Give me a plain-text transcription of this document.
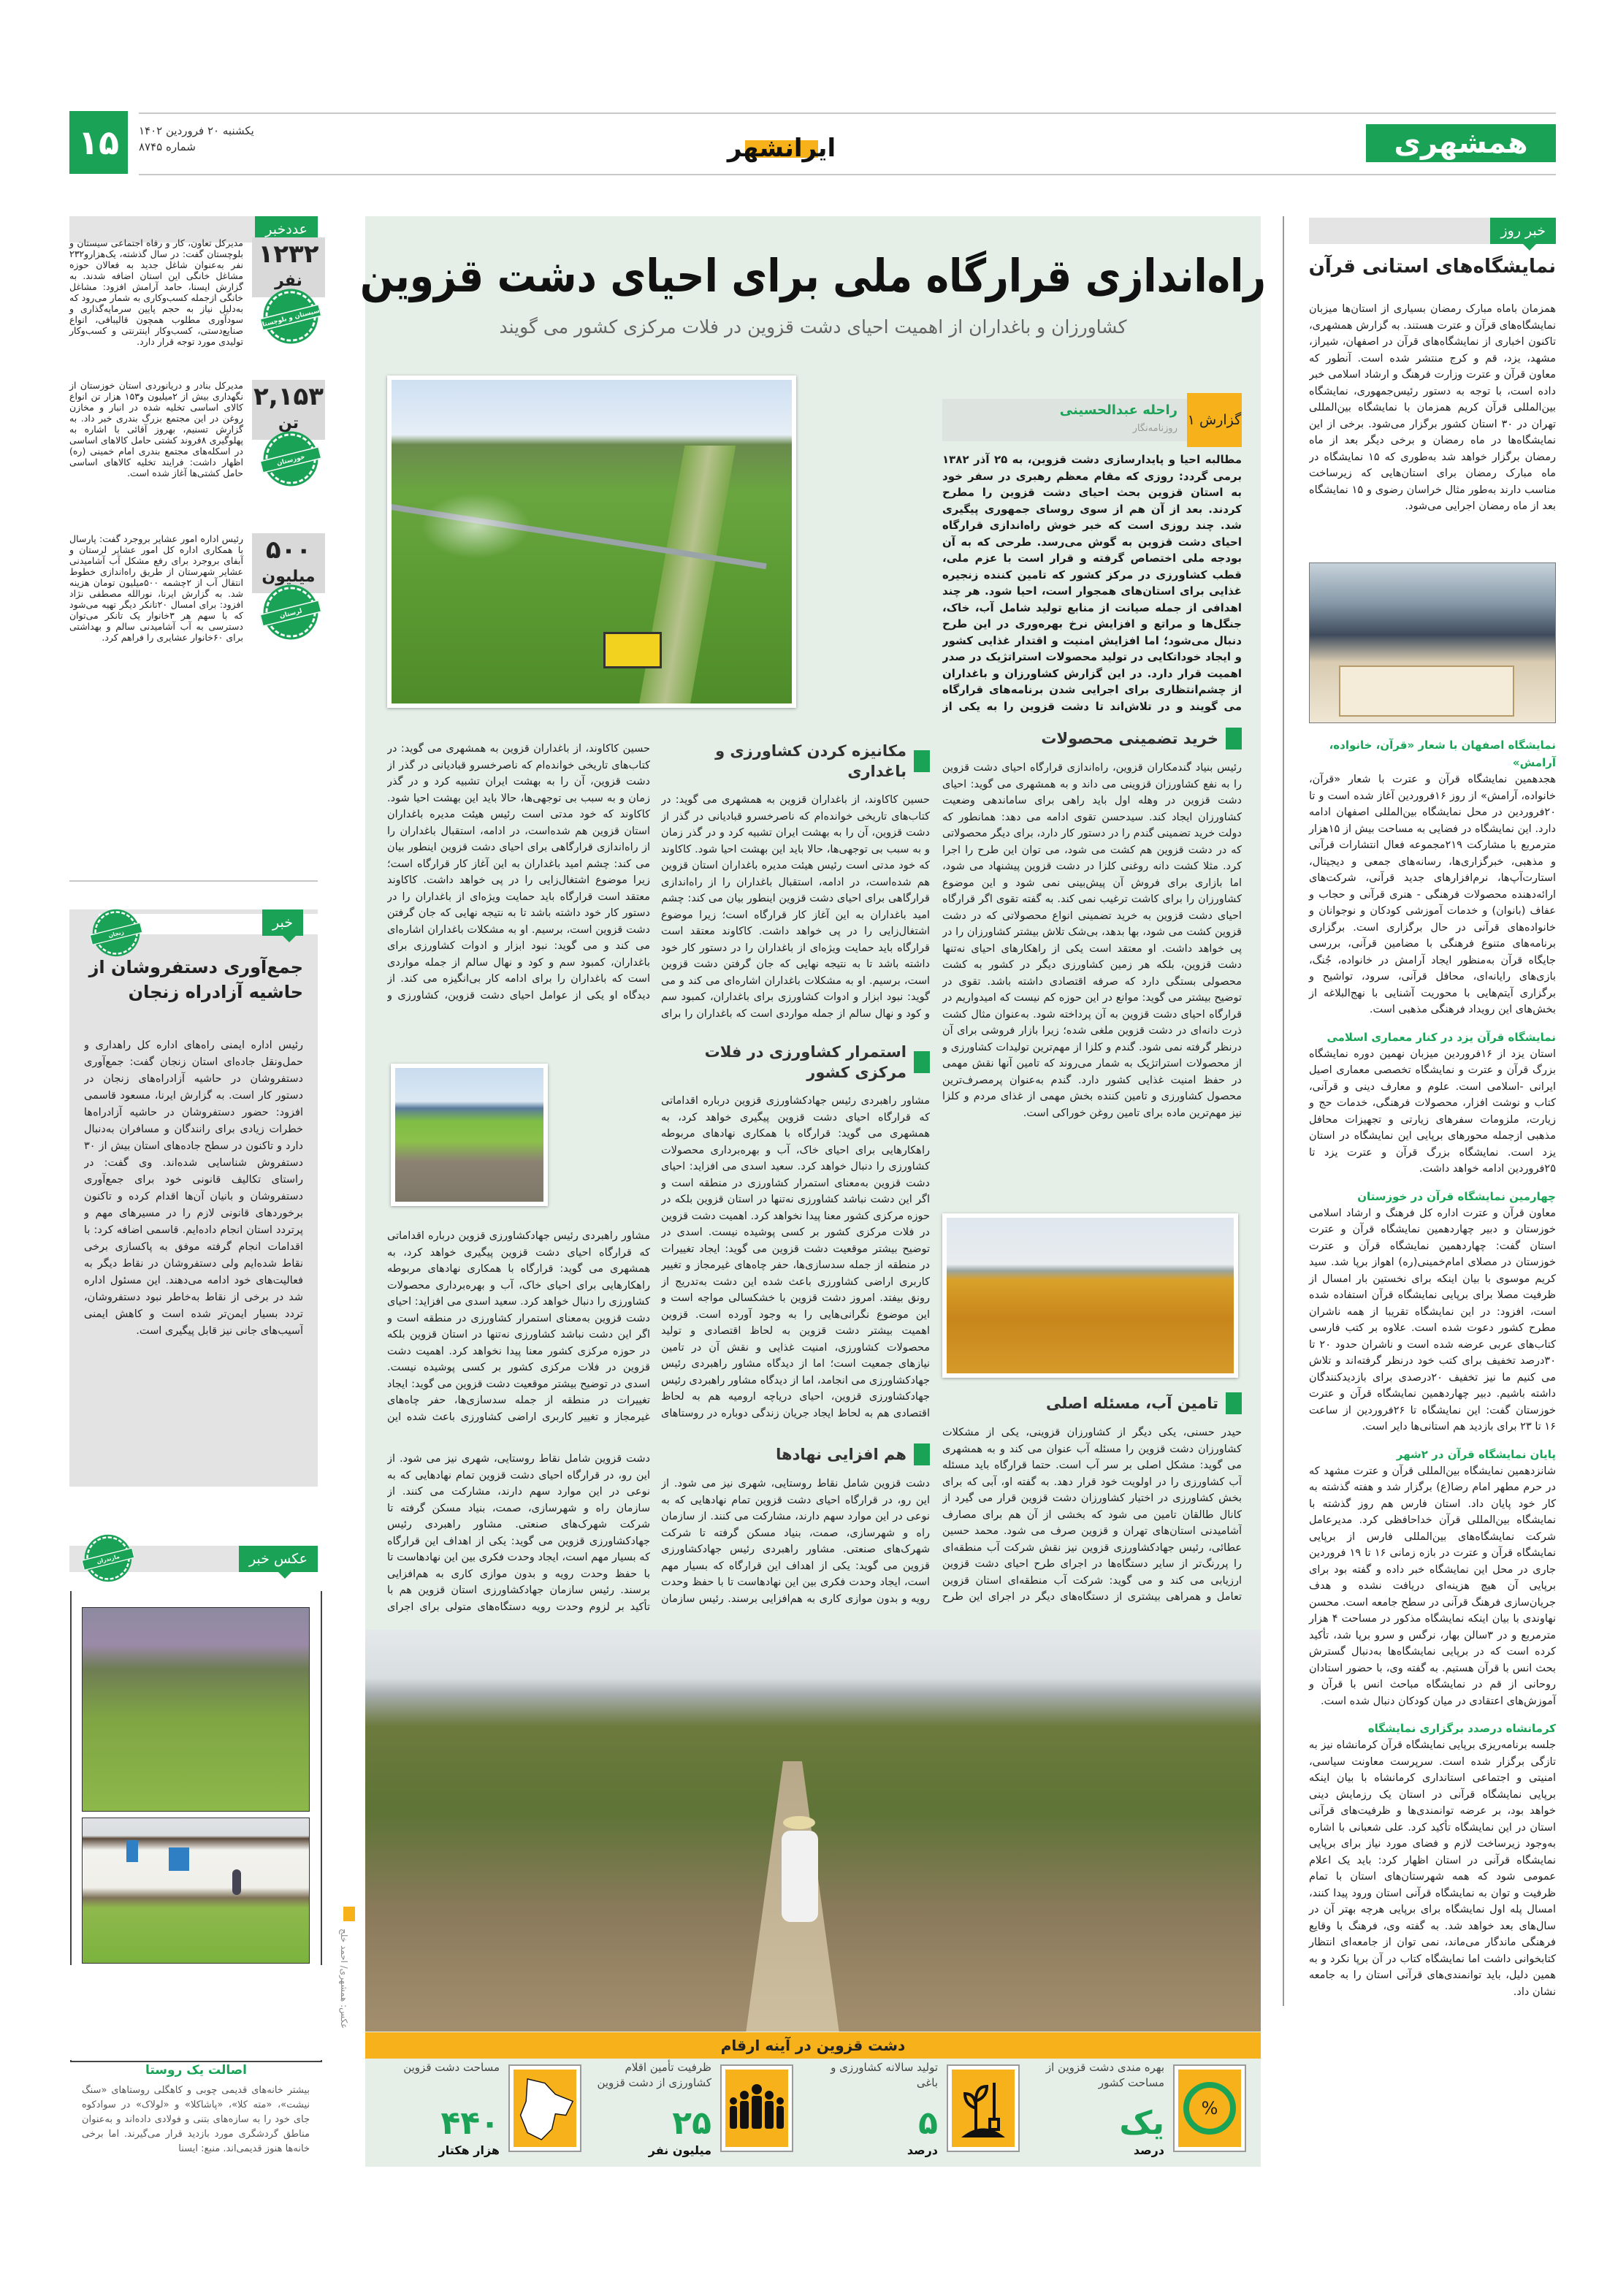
۱۵	یکشنبه ۲۰ فروردین ۱۴۰۲
شماره ۸۷۴۵	ایرانشهر	همشهری
عددخبر
۱۲۳۲
نفر
سیستان و بلوچستان
مدیرکل تعاون، کار و رفاه اجتماعی سیستان و بلوچستان گفت: در سال گذشته، یک‌هزارو۲۳۲ نفر به‌عنوان شاغل جدید به فعالان حوزه مشاغل خانگی این استان اضافه شدند. به گزارش ایسنا، حامد آرامش افزود: مشاغل خانگی ازجمله کسب‌وکاری به شمار می‌رود که به‌دلیل نیاز به حجم پایین سرمایه‌گذاری و سودآوری مطلوب همچون قالیبافی، انواع صنایع‌دستی، کسب‌وکار اینترنتی و کسب‌وکار تولیدی مورد توجه قرار دارد.
۲,۱۵۳
تن
خوزستان
مدیرکل بنادر و دریانوردی استان خوزستان از نگهداری بیش از ۲میلیون و۱۵۳ هزار تن انواع کالای اساسی تخلیه شده در انبار و مخازن روغن در این مجتمع بزرگ بندری خبر داد. به گزارش تسنیم، بهروز آقائی با اشاره به پهلوگیری ۸فروند کشتی حامل کالاهای اساسی در اسکله‌های مجتمع بندری امام خمینی (ره) اظهار داشت: فرایند تخلیه کالاهای اساسی حامل کشتی‌ها آغاز شده است.
۵۰۰
میلیون
لرستان
رئیس اداره امور عشایر بروجرد گفت: پارسال با همکاری اداره کل امور عشایر لرستان و آبفای بروجرد برای رفع مشکل آب آشامیدنی عشایر شهرستان از طریق راه‌اندازی خطوط انتقال آب از ۲چشمه ۵۰۰میلیون تومان هزینه شد. به گزارش ایرنا، نورالله مصطفی نژاد افزود: برای امسال ۲۰تانکر دیگر تهیه می‌شود که با سهم هر ۳خانوار یک تانکر می‌توان دسترسی به آب آشامیدنی سالم و بهداشتی برای ۶۰خانوار عشایری را فراهم کرد.
خبر
زنجان
جمع‌آوری دستفروشان از حاشیه آزادراه زنجان
رئیس اداره ایمنی راه‌های اداره کل راهداری و حمل‌ونقل جاده‌ای استان زنجان گفت: جمع‌آوری دستفروشان در حاشیه آزادراه‌های زنجان در دستور کار است. به گزارش ایرنا، مسعود قاسمی افزود: حضور دستفروشان در حاشیه آزادراه‌ها خطرات زیادی برای رانندگان و مسافران به‌دنبال دارد و تاکنون در سطح جاده‌های استان بیش از ۳۰ دستفروش شناسایی شده‌اند. وی گفت: در راستای تکالیف قانونی خود برای جمع‌آوری دستفروشان و بانیان آن‌ها اقدام کرده و تاکنون برخوردهای قانونی لازم را در مسیرهای مهم و پرتردد استان انجام داده‌ایم. قاسمی اضافه کرد: با اقدامات انجام گرفته موفق به پاکسازی برخی نقاط شده‌ایم ولی دستفروشان در نقاط دیگر به فعالیت‌های خود ادامه می‌دهند. این مسئول اداره شد در برخی از نقاط به‌خاطر نبود دستفروشان، تردد بسیار ایمن‌تر شده است و کاهش ایمنی آسیب‌های جانی نیز قابل پیگیری است.
عکس خبر
مازندران
اصالت یک روستا
بیشتر خانه‌های قدیمی چوبی و کاهگلی روستاهای «سنگ نیشت»، «مته کلا»، «پاشاکلا» و «لولاک» در سوادکوه جای خود را به سازه‌های بتنی و فولادی داده‌اند و به‌عنوان مناطق گردشگری مورد بازدید قرار می‌گیرند. اما برخی خانه‌ها هنوز قدیمی‌اند. منبع: ایسنا
عکس: همشهری/ احمد خلج
راه‌اندازی قرارگاه ملی برای احیای دشت قزوین
کشاورزان و باغداران از اهمیت احیای دشت قزوین در فلات مرکزی کشور می گویند
گزارش ۱
راحله عبدالحسینی
روزنامه‌نگار
مطالبه احیا و پایدارسازی دشت قزوین، به ۲۵ آذر ۱۳۸۲ برمی گردد: روزی که مقام معظم رهبری در سفر خود به استان قزوین بحث احیای دشت قزوین را مطرح کردند. بعد از آن هم از سوی روسای جمهوری پیگیری شد. چند روزی است که خبر خوش راه‌اندازی قرارگاه احیای دشت قزوین به گوش می‌رسد. طرحی که به آن بودجه ملی اختصاص گرفته و قرار است با عزم ملی، قطب کشاورزی در مرکز کشور که تامین کننده زنجیره غذایی برای استان‌های همجوار است، احیا شود. هر چند اهدافی از جمله صیانت از منابع تولید شامل آب، خاک، جنگل‌ها و مراتع و افزایش نرخ بهره‌وری در این طرح دنبال می‌شود؛ اما افزایش امنیت و اقتدار غذایی کشور و ایجاد خوداتکایی در تولید محصولات استراتژیک در صدر اهمیت قرار دارد. در این گزارش کشاورزان و باغداران از چشم‌انتظاری برای اجرایی شدن برنامه‌های قرارگاه می گویند و در تلاش‌اند تا دشت قزوین را به یکی از
خرید تضمینی محصولات
رئیس بنیاد گندمکاران قزوین، راه‌اندازی قرارگاه احیای دشت قزوین را به نفع کشاورزان قزوینی می داند و به همشهری می گوید: احیای دشت قزوین در وهله اول باید راهی برای ساماندهی وضعیت کشاورزان ایجاد کند. سیدحسن تقوی ادامه می دهد: همانطور که دولت خرید تضمینی گندم را در دستور کار دارد، برای دیگر محصولاتی که در دشت قزوین هم کشت می شود، می توان این طرح را اجرا کرد. مثلا کشت دانه روغنی کلزا در دشت قزوین پیشنهاد می شود، اما بازاری برای فروش آن پیش‌بینی نمی شود و این موضوع کشاورزان را برای کاشت ترغیب نمی کند. به گفته تقوی اگر قرارگاه احیای دشت قزوین به خرید تضمینی انواع محصولاتی که در دشت قزوین کشت می شود، بها بدهد، بی‌شک تلاش بیشتر کشاورزان را در پی خواهد داشت. او معتقد است یکی از راهکارهای احیای نه‌تنها دشت قزوین، بلکه هر زمین کشاورزی دیگر در کشور به کشت محصولی بستگی دارد که صرفه اقتصادی داشته باشد. تقوی در توضیح بیشتر می گوید: موانع در این حوزه کم نیست که امیدواریم در قرارگاه احیای دشت قزوین به آن پرداخته شود. به‌عنوان مثال کشت ذرت دانه‌ای در دشت قزوین ملغی شده؛ زیرا بازار فروشی برای آن درنظر گرفته نمی شود. گندم و کلزا از مهم‌ترین تولیدات کشاورزی و از محصولات استراتژیک به شمار می‌روند که تامین آنها نقش مهمی در حفظ امنیت غذایی کشور دارد. گندم به‌عنوان پرمصرف‌ترین محصول کشاورزی و تامین کننده بخش مهمی از غذای مردم و کلزا نیز مهم‌ترین ماده برای تامین روغن خوراکی است.
تامین آب، مسئله اصلی
حیدر حسنی، یکی دیگر از کشاورزان قزوینی، یکی از مشکلات کشاورزان دشت قزوین را مسئله آب عنوان می کند و به همشهری می گوید: مشکل اصلی بر سر آب است. حتما قرارگاه باید مسئله آب کشاورزی را در اولویت خود قرار دهد. به گفته او، آبی که برای بخش کشاورزی در اختیار کشاورزان دشت قزوین قرار می گیرد از کانال طالقان تامین می شود که بخشی از آن هم برای مصارف آشامیدنی استان‌های تهران و قزوین صرف می شود. محمد حسین عطائی، رئیس جهادکشاورزی قزوین نیز نقش شرکت آب منطقه‌ای را پررنگ‌تر از سایر دستگاه‌ها در اجرای طرح احیای دشت قزوین ارزیابی می کند و می گوید: شرکت آب منطقه‌ای استان قزوین تعامل و همراهی بیشتری از دستگاه‌های دیگر در اجرای این طرح
مکانیزه کردن کشاورزی و باغداری
حسین کاکاوند، از باغداران قزوین به همشهری می گوید: در کتاب‌های تاریخی خوانده‌ام که ناصرخسرو قبادیانی در گذر از دشت قزوین، آن را به بهشت ایران تشبیه کرد و در گذر زمان و به سبب بی توجهی‌ها، حالا باید این بهشت احیا شود. کاکاوند که خود مدتی است رئیس هیئت مدیره باغداران استان قزوین هم شده‌است، در ادامه، استقبال باغداران را از راه‌اندازی قرارگاهی برای احیای دشت قزوین اینطور بیان می کند: چشم امید باغداران به این آغاز کار قرارگاه است؛ زیرا موضوع اشتغال‌زایی را در پی خواهد داشت. کاکاوند معتقد است قرارگاه باید حمایت ویژه‌ای از باغداران را در دستور کار خود داشته باشد تا به نتیجه نهایی که جان گرفتن دشت قزوین است، برسیم. او به مشکلات باغداران اشاره‌ای می کند و می گوید: نبود ابزار و ادوات کشاورزی برای باغداران، کمبود سم و کود و نهال سالم از جمله مواردی است که باغداران را برای
استمرار کشاورزی در فلات مرکزی کشور
مشاور راهبردی رئیس جهادکشاورزی قزوین درباره اقداماتی که قرارگاه احیای دشت قزوین پیگیری خواهد کرد، به همشهری می گوید: قرارگاه با همکاری نهادهای مربوطه راهکارهایی برای احیای خاک، آب و بهره‌برداری محصولات کشاورزی را دنبال خواهد کرد. سعید اسدی می افزاید: احیای دشت قزوین به‌معنای استمرار کشاورزی در منطقه است و اگر این دشت نباشد کشاورزی نه‌تنها در استان قزوین بلکه در حوزه مرکزی کشور معنا پیدا نخواهد کرد. اهمیت دشت قزوین در فلات مرکزی کشور بر کسی پوشیده نیست. اسدی در توضیح بیشتر موقعیت دشت قزوین می گوید: ایجاد تغییرات در منطقه از جمله سدسازی‌ها، حفر چاه‌های غیرمجاز و تغییر کاربری اراضی کشاورزی باعث شده این دشت به‌تدریج از رونق بیفتد. امروز دشت قزوین با خشکسالی مواجه است و این موضوع نگرانی‌هایی را به وجود آورده است. قزوین اهمیت بیشتر دشت قزوین به لحاظ اقتصادی و تولید محصولات کشاورزی، امنیت غذایی و نقش آن در تامین نیازهای جمعیت است؛ اما از دیدگاه مشاور راهبردی رئیس جهادکشاورزی می انجامد، اما از دیدگاه مشاور راهبردی رئیس جهادکشاورزی قزوین، احیای دریاچه ارومیه هم به لحاظ اقتصادی هم به لحاظ ایجاد جریان زندگی دوباره در روستاهای
هم افزایی نهادها
دشت قزوین شامل نقاط روستایی، شهری نیز می شود. از این رو، در قرارگاه احیای دشت قزوین تمام نهادهایی که به نوعی در این موارد سهم دارند، مشارکت می کنند. از سازمان راه و شهرسازی، صمت، بنیاد مسکن گرفته تا شرکت شهرک‌های صنعتی. مشاور راهبردی رئیس جهادکشاورزی قزوین می گوید: یکی از اهداف این قرارگاه که بسیار مهم است، ایجاد وحدت فکری بین این نهادهاست تا با حفظ وحدت رویه و بدون موازی کاری به هم‌افزایی برسند. رئیس سازمان
حسین کاکاوند، از باغداران قزوین به همشهری می گوید: در کتاب‌های تاریخی خوانده‌ام که ناصرخسرو قبادیانی در گذر از دشت قزوین، آن را به بهشت ایران تشبیه کرد و در گذر زمان و به سبب بی توجهی‌ها، حالا باید این بهشت احیا شود. کاکاوند که خود مدتی است رئیس هیئت مدیره باغداران استان قزوین هم شده‌است، در ادامه، استقبال باغداران را از راه‌اندازی قرارگاهی برای احیای دشت قزوین اینطور بیان می کند: چشم امید باغداران به این آغاز کار قرارگاه است؛ زیرا موضوع اشتغال‌زایی را در پی خواهد داشت. کاکاوند معتقد است قرارگاه باید حمایت ویژه‌ای از باغداران را در دستور کار خود داشته باشد تا به نتیجه نهایی که جان گرفتن دشت قزوین است، برسیم. او به مشکلات باغداران اشاره‌ای می کند و می گوید: نبود ابزار و ادوات کشاورزی برای باغداران، کمبود سم و کود و نهال سالم از جمله مواردی است که باغداران را برای ادامه کار بی‌انگیزه می کند. از دیدگاه او یکی از عوامل احیای دشت قزوین، کشاورزی و
مشاور راهبردی رئیس جهادکشاورزی قزوین درباره اقداماتی که قرارگاه احیای دشت قزوین پیگیری خواهد کرد، به همشهری می گوید: قرارگاه با همکاری نهادهای مربوطه راهکارهایی برای احیای خاک، آب و بهره‌برداری محصولات کشاورزی را دنبال خواهد کرد. سعید اسدی می افزاید: احیای دشت قزوین به‌معنای استمرار کشاورزی در منطقه است و اگر این دشت نباشد کشاورزی نه‌تنها در استان قزوین بلکه در حوزه مرکزی کشور معنا پیدا نخواهد کرد. اهمیت دشت قزوین در فلات مرکزی کشور بر کسی پوشیده نیست. اسدی در توضیح بیشتر موقعیت دشت قزوین می گوید: ایجاد تغییرات در منطقه از جمله سدسازی‌ها، حفر چاه‌های غیرمجاز و تغییر کاربری اراضی کشاورزی باعث شده این
دشت قزوین شامل نقاط روستایی، شهری نیز می شود. از این رو، در قرارگاه احیای دشت قزوین تمام نهادهایی که به نوعی در این موارد سهم دارند، مشارکت می کنند. از سازمان راه و شهرسازی، صمت، بنیاد مسکن گرفته تا شرکت شهرک‌های صنعتی. مشاور راهبردی رئیس جهادکشاورزی قزوین می گوید: یکی از اهداف این قرارگاه که بسیار مهم است، ایجاد وحدت فکری بین این نهادهاست تا با حفظ وحدت رویه و بدون موازی کاری به هم‌افزایی برسند. رئیس سازمان جهادکشاورزی استان قزوین هم با تأکید بر لزوم وحدت رویه دستگاه‌های متولی برای اجرای
دشت قزوین در آینه ارقام
%
بهره مندی دشت قزوین از مساحت کشور
یک
درصد
تولید سالانه کشاورزی و باغی
۵
درصد
ظرفیت تأمین اقلام کشاورزی از دشت قزوین
۲۵
میلیون نفر
مساحت دشت قزوین
۴۴۰
هزار هکتار
خبر روز
نمایشگاه‌های استانی قرآن
همزمان باماه مبارک رمضان بسیاری از استان‌ها میزبان نمایشگاه‌های قرآن و عترت هستند. به گزارش همشهری، تاکنون اخباری از نمایشگاه‌های قرآن در اصفهان، شیراز، مشهد، یزد، قم و کرج منتشر شده است. آنطور که معاون قرآن و عترت وزارت فرهنگ و ارشاد اسلامی خبر داده است، با توجه به دستور رئیس‌جمهوری، نمایشگاه بین‌المللی قرآن کریم همزمان با نمایشگاه بین‌المللی تهران در ۳۰ استان کشور برگزار می‌شود. برخی از این نمایشگاه‌ها در ماه رمضان و برخی دیگر بعد از ماه رمضان برگزار خواهد شد به‌طوری که ۱۵ نمایشگاه در ماه مبارک رمضان برای استان‌هایی که زیرساخت مناسب دارند به‌طور مثال خراسان رضوی و ۱۵ نمایشگاه بعد از ماه رمضان اجرایی می‌شود.
نمایشگاه اصفهان با شعار «قرآن، خانواده، آرامش»
هجدهمین نمایشگاه قرآن و عترت با شعار «قرآن، خانواده، آرامش» از روز ۱۶فروردین آغاز شده است و تا ۲۰فروردین در محل نمایشگاه بین‌المللی اصفهان ادامه دارد. این نمایشگاه در فضایی به مساحت بیش از ۱۵هزار مترمربع با مشارکت ۲۱۹مجموعه فعال انتشارات قرآنی و مذهبی، خبرگزاری‌ها، رسانه‌های جمعی و دیجیتال، استارت‌آپ‌ها، نرم‌افزارهای جدید قرآنی، شرکت‌های ارائه‌دهنده محصولات فرهنگی - هنری قرآنی و حجاب و عفاف (بانوان) و خدمات آموزشی کودکان و نوجوانان و خانواده‌های قرآنی در حال برگزاری است. برگزاری برنامه‌های متنوع فرهنگی با مضامین قرآنی، بررسی جایگاه قرآن به‌منظور ایجاد آرامش در خانواده، جُنگ، بازی‌های رایانه‌ای، محافل قرآنی، سرود، تواشیح و برگزاری آیتم‌هایی با محوریت آشنایی با نهج‌البلاغه از بخش‌های این رویداد فرهنگی مذهبی است.
نمایشگاه قرآن یزد در کنار معماری اسلامی
استان یزد از ۱۶فروردین میزبان نهمین دوره نمایشگاه بزرگ قرآن و عترت و نمایشگاه تخصصی معماری اصیل ایرانی -اسلامی است. علوم و معارف دینی و قرآنی، کتاب و نوشت افزار، محصولات فرهنگی، خدمات حج و زیارت، ملزومات سفرهای زیارتی و تجهیزات محافل مذهبی ازجمله محورهای برپایی این نمایشگاه در استان یزد است. نمایشگاه بزرگ قرآن و عترت یزد تا ۲۵فروردین ادامه خواهد داشت.
چهارمین نمایشگاه قرآن در خوزستان
معاون قرآن و عترت اداره کل فرهنگ و ارشاد اسلامی خوزستان و دبیر چهاردهمین نمایشگاه قرآن و عترت استان گفت: چهاردهمین نمایشگاه قرآن و عترت خوزستان در مصلای امام‌خمینی(ره) اهواز برپا شد. سید کریم موسوی با بیان اینکه برای نخستین بار امسال از ظرفیت مصلا برای برپایی نمایشگاه قرآن استفاده شده است، افزود: در این نمایشگاه تقریبا از همه ناشران مطرح کشور دعوت شده است. علاوه بر کتب فارسی کتاب‌های عربی عرضه شده است و ناشران حدود ۲۰ تا ۳۰درصد تخفیف برای کتب خود درنظر گرفته‌اند و تلاش می کنیم ما نیز تخفیف ۲۰درصدی برای بازدیدکنندگان داشته باشیم. دبیر چهاردهمین نمایشگاه قرآن و عترت خوزستان گفت: این نمایشگاه تا ۲۶فروردین از ساعت ۱۶ تا ۲۳ برای بازدید هم استانی‌ها دایر است.
پایان نمایشگاه قرآن در ۲شهر
شانزدهمین نمایشگاه بین‌المللی قرآن و عترت مشهد که در حرم مطهر امام رضا(ع) برگزار شد و هفته گذشته به کار خود پایان داد. استان فارس هم روز گذشته با نمایشگاه بین‌المللی قرآن خداحافظی کرد. مدیرعامل شرکت نمایشگاه‌های بین‌المللی فارس از برپایی نمایشگاه قرآن و عترت در بازه زمانی ۱۶ تا ۱۹ فروردین جاری در محل این نمایشگاه خبر داده و گفته بود برای برپایی آن هیچ هزینه‌ای دریافت نشده و هدف جریان‌سازی فرهنگ قرآنی در سطح جامعه است. محسن نهاوندی با بیان اینکه نمایشگاه مذکور در مساحت ۴ هزار مترمربع و در ۳سالن بهار، نرگس و سرو برپا شد، تأکید کرده است که در برپایی نمایشگاه‌ها به‌دنبال گسترش بحث انس با قرآن هستیم. به گفته وی، با حضور استادان روحانی از قم در نمایشگاه مباحث انس با قرآن و آموزش‌های اعتقادی در میان کودکان دنبال شده است.
کرمانشاه درصدد برگزاری نمایشگاه
جلسه برنامه‌ریزی برپایی نمایشگاه قرآن کرمانشاه نیز به تازگی برگزار شده است. سرپرست معاونت سیاسی، امنیتی و اجتماعی استانداری کرمانشاه با بیان اینکه برپایی نمایشگاه قرآنی در استان یک رزمایش دینی خواهد بود، بر عرضه توانمندی‌ها و ظرفیت‌های قرآنی استان در این نمایشگاه تأکید کرد. علی شعبانی با اشاره به‌وجود زیرساخت لازم و فضای مورد نیاز برای برپایی نمایشگاه قرآنی در استان اظهار کرد: باید یک اعلام عمومی شود که همه شهرستان‌های استان با تمام ظرفیت و توان به نمایشگاه قرآنی استان ورود پیدا کنند، امسال پله اول نمایشگاه برای برپایی هرچه بهتر آن در سال‌های بعد خواهد شد. به گفته وی، فرهنگ با وقایع فرهنگی ماندگار می‌ماند، نمی توان از جامعه‌ای انتظار کتابخوانی داشت اما نمایشگاه کتاب در آن برپا نکرد و به همین دلیل، باید توانمندی‌های قرآنی استان را به جامعه نشان داد.
